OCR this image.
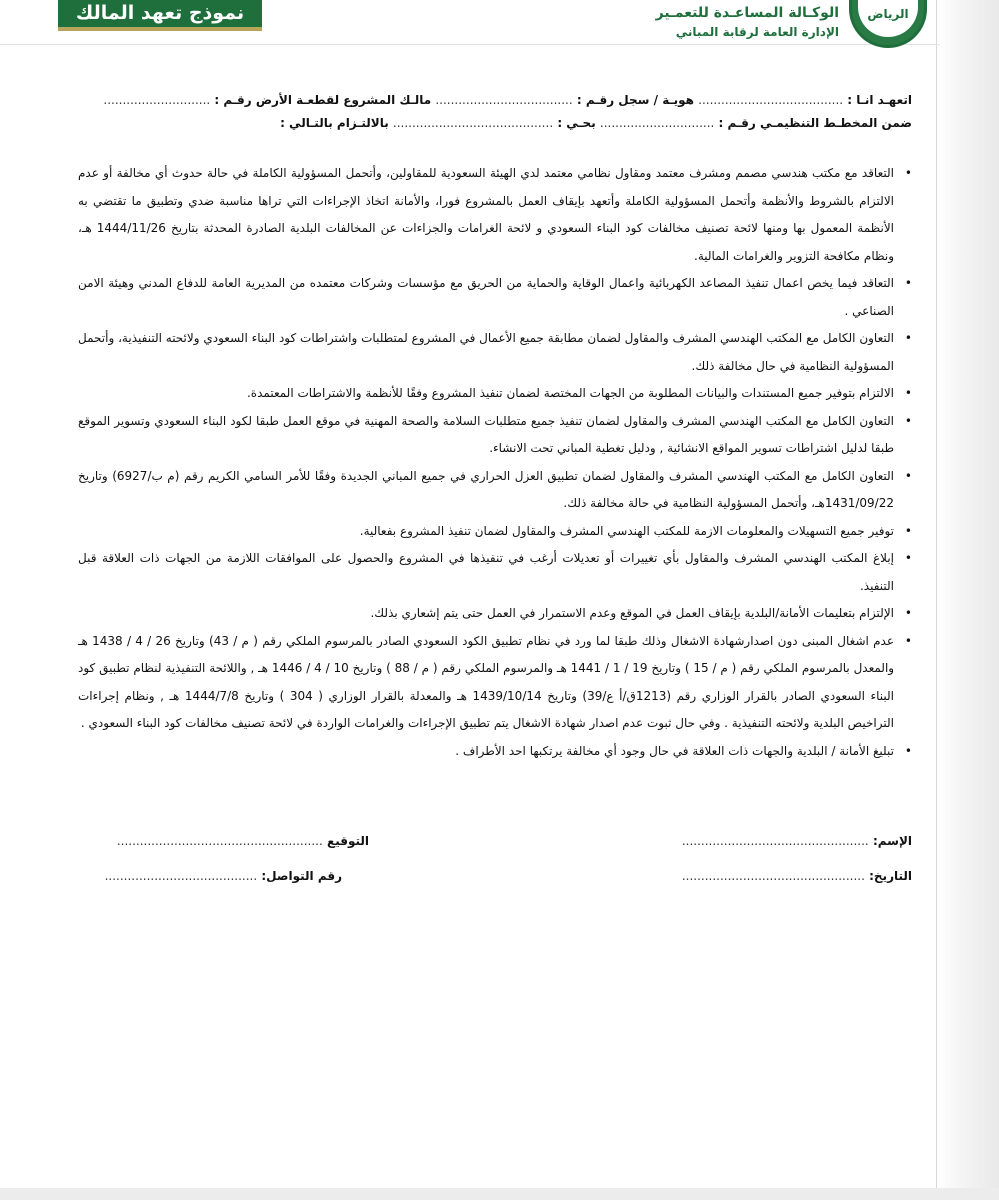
نموذج تعهد المالك	الرياض
الوكـالة المساعـدة للتعمـير
الإدارة العامة لرقابة المباني
اتعهـد انـا : ...................................... هويـة / سجل رقـم : .................................... مالـك المشروع لقطعـة الأرض رقـم : ............................
ضمن المخطـط التنظيمـي رقـم : .............................. بحـي : .......................................... بالالتـزام بالتـالي :
•
التعاقد مع مكتب هندسي مصمم ومشرف معتمد ومقاول نظامي معتمد لدي الهيئة السعودية للمقاولين، وأتحمل المسؤولية الكاملة في حالة حدوث أي مخالفة أو عدم الالتزام بالشروط والأنظمة وأتحمل المسؤولية الكاملة وأتعهد بإيقاف العمل بالمشروع فورا، والأمانة اتخاذ الإجراءات التي تراها مناسبة ضدي وتطبيق ما تقتضي به الأنظمة المعمول بها ومنها لائحة تصنيف مخالفات كود البناء السعودي و لائحة الغرامات والجزاءات عن المخالفات البلدية الصادرة المحدثة بتاريخ 1444/11/26 هـ، ونظام مكافحة التزوير والغرامات المالية.
•
التعاقد فيما يخص اعمال تنفيذ المصاعد الكهربائية واعمال الوقاية والحماية من الحريق مع مؤسسات وشركات معتمده من المديرية العامة للدفاع المدني وهيئة الامن الصناعي .
•
التعاون الكامل مع المكتب الهندسي المشرف والمقاول لضمان مطابقة جميع الأعمال في المشروع لمتطلبات واشتراطات كود البناء السعودي ولائحته التنفيذية، وأتحمل المسؤولية النظامية في حال مخالفة ذلك.
•
الالتزام بتوفير جميع المستندات والبيانات المطلوبة من الجهات المختصة لضمان تنفيذ المشروع وفقًا للأنظمة والاشتراطات المعتمدة.
•
التعاون الكامل مع المكتب الهندسي المشرف والمقاول لضمان تنفيذ جميع متطلبات السلامة والصحة المهنية في موقع العمل طبقا لكود البناء السعودي وتسوير الموقع طبقا لدليل اشتراطات تسوير المواقع الانشائية , ودليل تغطية المباني تحت الانشاء.
•
التعاون الكامل مع المكتب الهندسي المشرف والمقاول لضمان تطبيق العزل الحراري في جميع المباني الجديدة وفقًا للأمر السامي الكريم رقم (م ب/6927) وتاريخ 1431/09/22هـ، وأتحمل المسؤولية النظامية في حالة مخالفة ذلك.
•
توفير جميع التسهيلات والمعلومات الازمة للمكتب الهندسي المشرف والمقاول لضمان تنفيذ المشروع بفعالية.
•
إبلاغ المكتب الهندسي المشرف والمقاول بأي تغييرات أو تعديلات أرغب في تنفيذها في المشروع والحصول على الموافقات اللازمة من الجهات ذات العلاقة قبل التنفيذ.
•
الإلتزام بتعليمات الأمانة/البلدية بإيقاف العمل في الموقع وعدم الاستمرار في العمل حتى يتم إشعاري بذلك.
•
عدم اشغال المبنى دون اصدارشهادة الاشغال وذلك طبقا لما ورد في نظام تطبيق الكود السعودي الصادر بالمرسوم الملكي رقم ( م / 43) وتاريخ 26 / 4 / 1438 هـ والمعدل بالمرسوم الملكي رقم ( م / 15 ) وتاريخ 19 / 1 / 1441 هـ والمرسوم الملكي رقم ( م / 88 ) وتاريخ 10 / 4 / 1446 هـ , واللائحة التنفيذية لنظام تطبيق كود البناء السعودي الصادر بالقرار الوزاري رقم (1213ق/أ ع/39) وتاريخ 1439/10/14 هـ والمعدلة بالقرار الوزاري ( 304 ) وتاريخ 1444/7/8 هـ , ونظام إجراءات التراخيص البلدية ولائحته التنفيذية . وفي حال ثبوت عدم اصدار شهادة الاشغال يتم تطبيق الإجراءات والغرامات الواردة في لائحة تصنيف مخالفات كود البناء السعودي .
•
تبليغ الأمانة / البلدية والجهات ذات العلاقة في حال وجود أي مخالفة يرتكبها احد الأطراف .
الإسم: .................................................
التوقيع ......................................................
التاريخ: ................................................
رقم التواصل: ........................................
